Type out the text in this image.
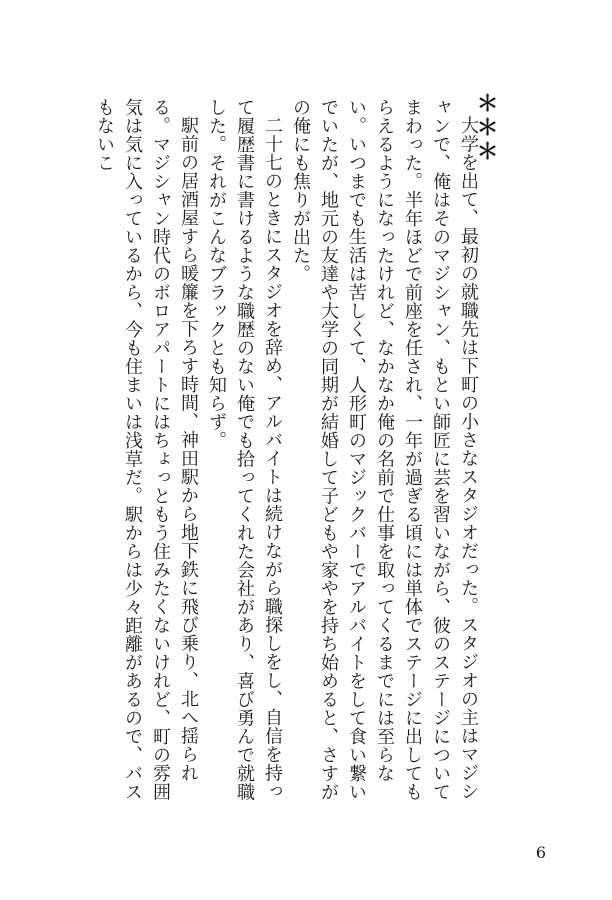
＊＊＊

大学を出て、最初の就職先は下町の小さなスタジオだった。スタジオの主はマジシャンで、俺はそのマジシャン、もとい師匠に芸を習いながら、彼のステージについてまわった。半年ほどで前座を任され、一年が過ぎる頃には単体でステージに出してもらえるようになったけれど、なかなか俺の名前で仕事を取ってくるまでには至らない。いつまでも生活は苦しくて、人形町のマジックバーでアルバイトをして食い繋いでいたが、地元の友達や大学の同期が結婚して子どもや家やを持ち始めると、さすがの俺にも焦りが出た。

二十七のときにスタジオを辞め、アルバイトは続けながら職探しをし、自信を持って履歴書に書けるような職歴のない俺でも拾ってくれた会社があり、喜び勇んで就職した。それがこんなブラックとも知らず。

駅前の居酒屋すら暖簾を下ろす時間、神田駅から地下鉄に飛び乗り、北へ揺られる。マジシャン時代のボロアパートにはちょっともう住みたくないけれど、町の雰囲気は気に入っているから、今も住まいは浅草だ。駅からは少々距離があるので、バスもないこ

6
